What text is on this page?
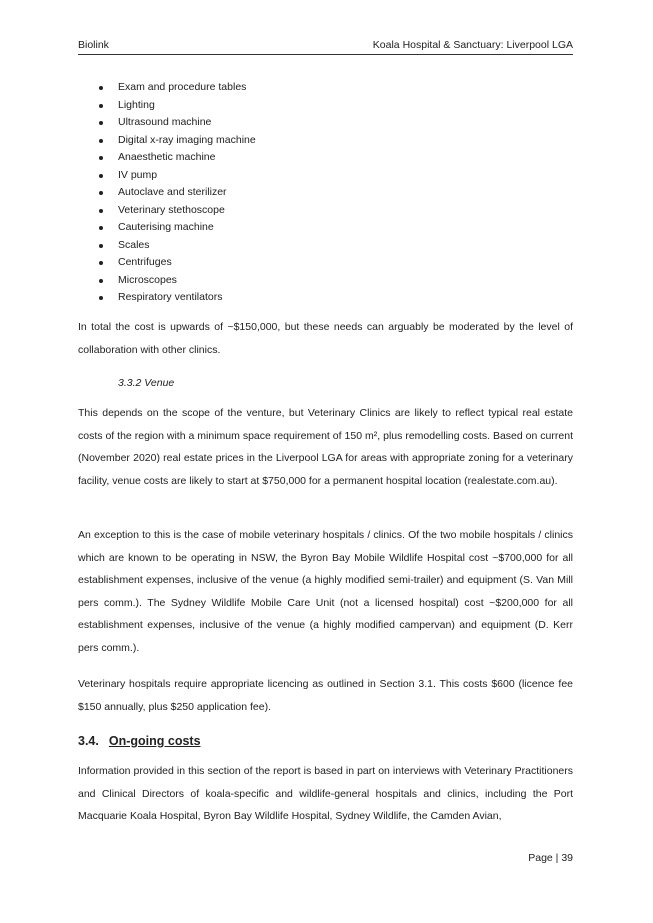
Biolink	Koala Hospital & Sanctuary: Liverpool LGA
Exam and procedure tables
Lighting
Ultrasound machine
Digital x-ray imaging machine
Anaesthetic machine
IV pump
Autoclave and sterilizer
Veterinary stethoscope
Cauterising machine
Scales
Centrifuges
Microscopes
Respiratory ventilators

In total the cost is upwards of ~$150,000, but these needs can arguably be moderated by the level of collaboration with other clinics.

3.3.2 Venue

This depends on the scope of the venture, but Veterinary Clinics are likely to reflect typical real estate costs of the region with a minimum space requirement of 150 m², plus remodelling costs. Based on current (November 2020) real estate prices in the Liverpool LGA for areas with appropriate zoning for a veterinary facility, venue costs are likely to start at $750,000 for a permanent hospital location (realestate.com.au).

An exception to this is the case of mobile veterinary hospitals / clinics. Of the two mobile hospitals / clinics which are known to be operating in NSW, the Byron Bay Mobile Wildlife Hospital cost ~$700,000 for all establishment expenses, inclusive of the venue (a highly modified semi-trailer) and equipment (S. Van Mill pers comm.). The Sydney Wildlife Mobile Care Unit (not a licensed hospital) cost ~$200,000 for all establishment expenses, inclusive of the venue (a highly modified campervan) and equipment (D. Kerr pers comm.).

Veterinary hospitals require appropriate licencing as outlined in Section 3.1. This costs $600 (licence fee $150 annually, plus $250 application fee).

3.4. On-going costs

Information provided in this section of the report is based in part on interviews with Veterinary Practitioners and Clinical Directors of koala-specific and wildlife-general hospitals and clinics, including the Port Macquarie Koala Hospital, Byron Bay Wildlife Hospital, Sydney Wildlife, the Camden Avian,

Page | 39
